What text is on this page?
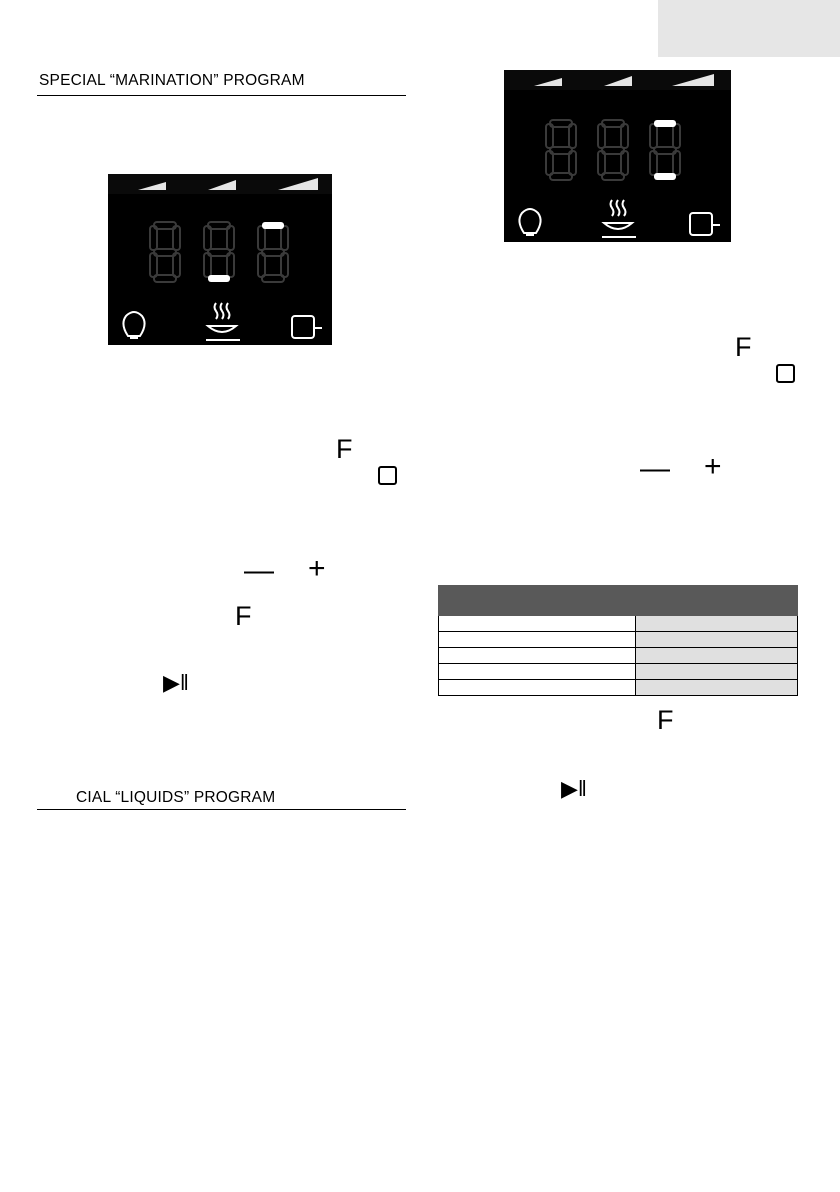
SPECIAL “MARINATION” PROGRAM
F
— +
F
▶‖
CIAL “LIQUIDS” PROGRAM
F
— +

F
▶‖
